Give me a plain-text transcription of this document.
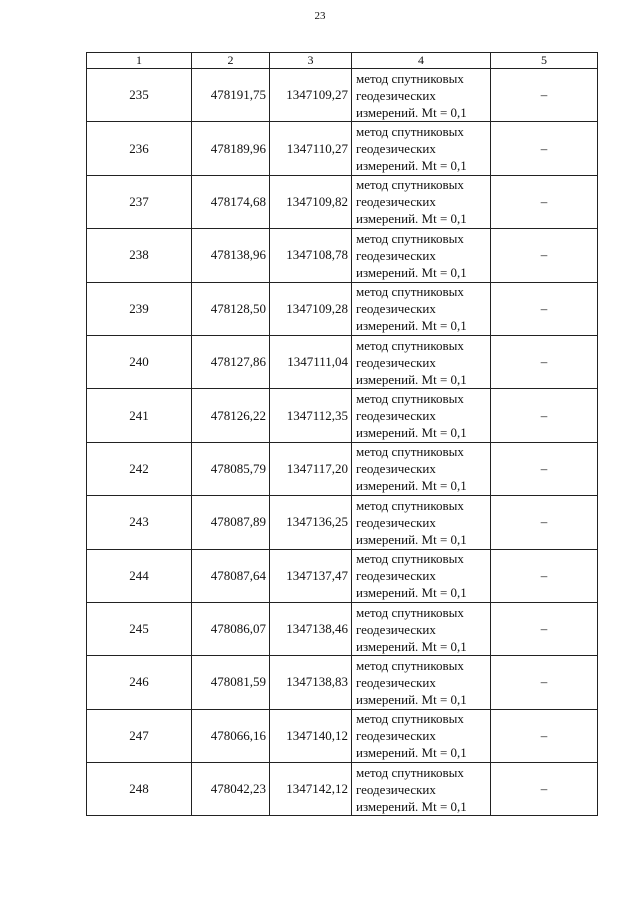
23
1	2	3	4	5
235	478191,75	1347109,27	метод спутниковых
геодезических
измерений. Mt = 0,1	–
236	478189,96	1347110,27	метод спутниковых
геодезических
измерений. Mt = 0,1	–
237	478174,68	1347109,82	метод спутниковых
геодезических
измерений. Mt = 0,1	–
238	478138,96	1347108,78	метод спутниковых
геодезических
измерений. Mt = 0,1	–
239	478128,50	1347109,28	метод спутниковых
геодезических
измерений. Mt = 0,1	–
240	478127,86	1347111,04	метод спутниковых
геодезических
измерений. Mt = 0,1	–
241	478126,22	1347112,35	метод спутниковых
геодезических
измерений. Mt = 0,1	–
242	478085,79	1347117,20	метод спутниковых
геодезических
измерений. Mt = 0,1	–
243	478087,89	1347136,25	метод спутниковых
геодезических
измерений. Mt = 0,1	–
244	478087,64	1347137,47	метод спутниковых
геодезических
измерений. Mt = 0,1	–
245	478086,07	1347138,46	метод спутниковых
геодезических
измерений. Mt = 0,1	–
246	478081,59	1347138,83	метод спутниковых
геодезических
измерений. Mt = 0,1	–
247	478066,16	1347140,12	метод спутниковых
геодезических
измерений. Mt = 0,1	–
248	478042,23	1347142,12	метод спутниковых
геодезических
измерений. Mt = 0,1	–
